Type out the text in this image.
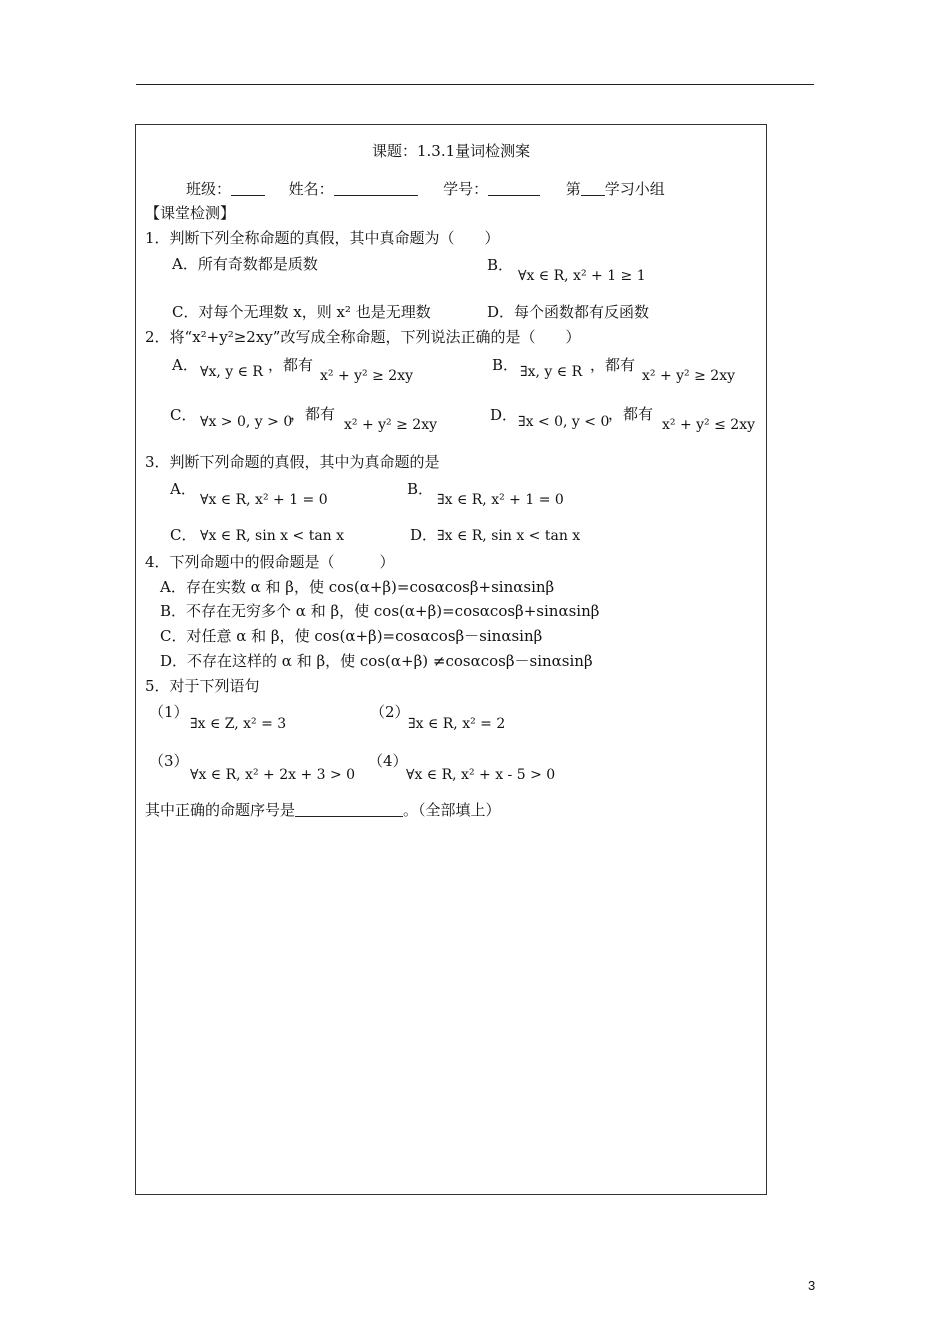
课题：1.3.1量词检测案
班级：	姓名：	学号：	第 学习小组
【课堂检测】
1．判断下列全称命题的真假，其中真命题为（　　）
A．所有奇数都是质数	B．
∀x ∈ R, x² + 1 ≥ 1
C．对每个无理数 x，则 x² 也是无理数	D．每个函数都有反函数
2．将“x²+y²≥2xy”改写成全称命题，下列说法正确的是（　　）
A． ∀x, y ∈ R ，都有
x² + y² ≥ 2xy
B． ∃x, y ∈ R ，都有
x² + y² ≥ 2xy
C． ∀x > 0, y > 0
，都有
x² + y² ≥ 2xy
D． ∃x < 0, y < 0
，都有
x² + y² ≤ 2xy
3．判断下列命题的真假，其中为真命题的是
A．
∀x ∈ R, x² + 1 = 0
B．
∃x ∈ R, x² + 1 = 0
C． ∀x ∈ R, sin x < tan x	D． ∃x ∈ R, sin x < tan x
4．下列命题中的假命题是（　　　）
A．存在实数 α 和 β，使 cos(α+β)=cosαcosβ+sinαsinβ
B．不存在无穷多个 α 和 β，使 cos(α+β)=cosαcosβ+sinαsinβ
C．对任意 α 和 β，使 cos(α+β)=cosαcosβ－sinαsinβ
D．不存在这样的 α 和 β，使 cos(α+β) ≠cosαcosβ－sinαsinβ
5．对于下列语句
（1）
∃x ∈ Z, x² = 3
（2）
∃x ∈ R, x² = 2
（3）
∀x ∈ R, x² + 2x + 3 > 0
（4）
∀x ∈ R, x² + x - 5 > 0
其中正确的命题序号是	。（全部填上）
3
